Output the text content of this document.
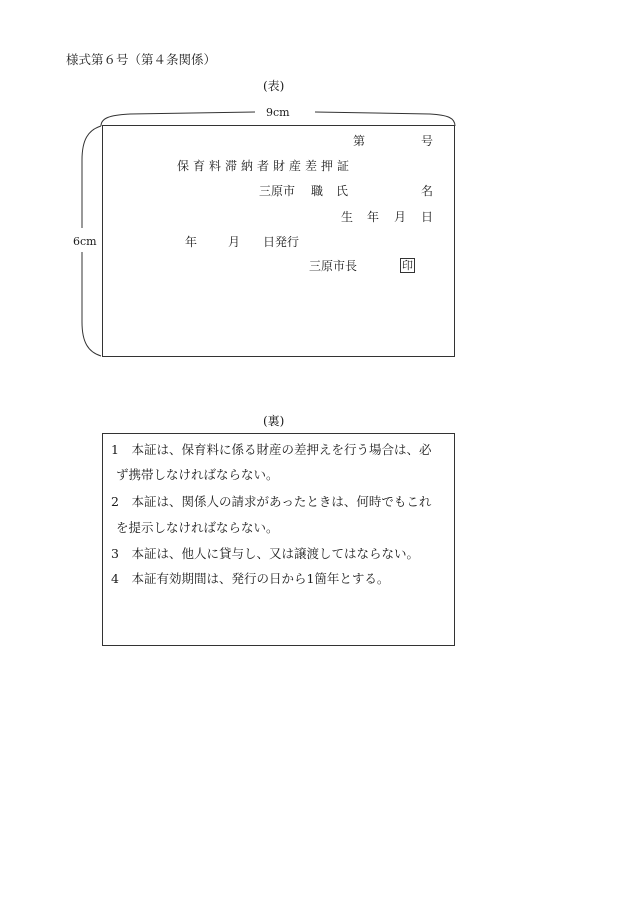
様式第６号（第４条関係）
(表)
9cm
6cm
第	号
保育料滞納者財産差押証
三原市 職 氏	名
生 年 月 日
年	月 日発行
三原市長	印
(裏)
1　本証は、保育料に係る財産の差押えを行う場合は、必
ず携帯しなければならない。
2　本証は、関係人の請求があったときは、何時でもこれ
を提示しなければならない。
3　本証は、他人に貸与し、又は譲渡してはならない。
4　本証有効期間は、発行の日から1箇年とする。
